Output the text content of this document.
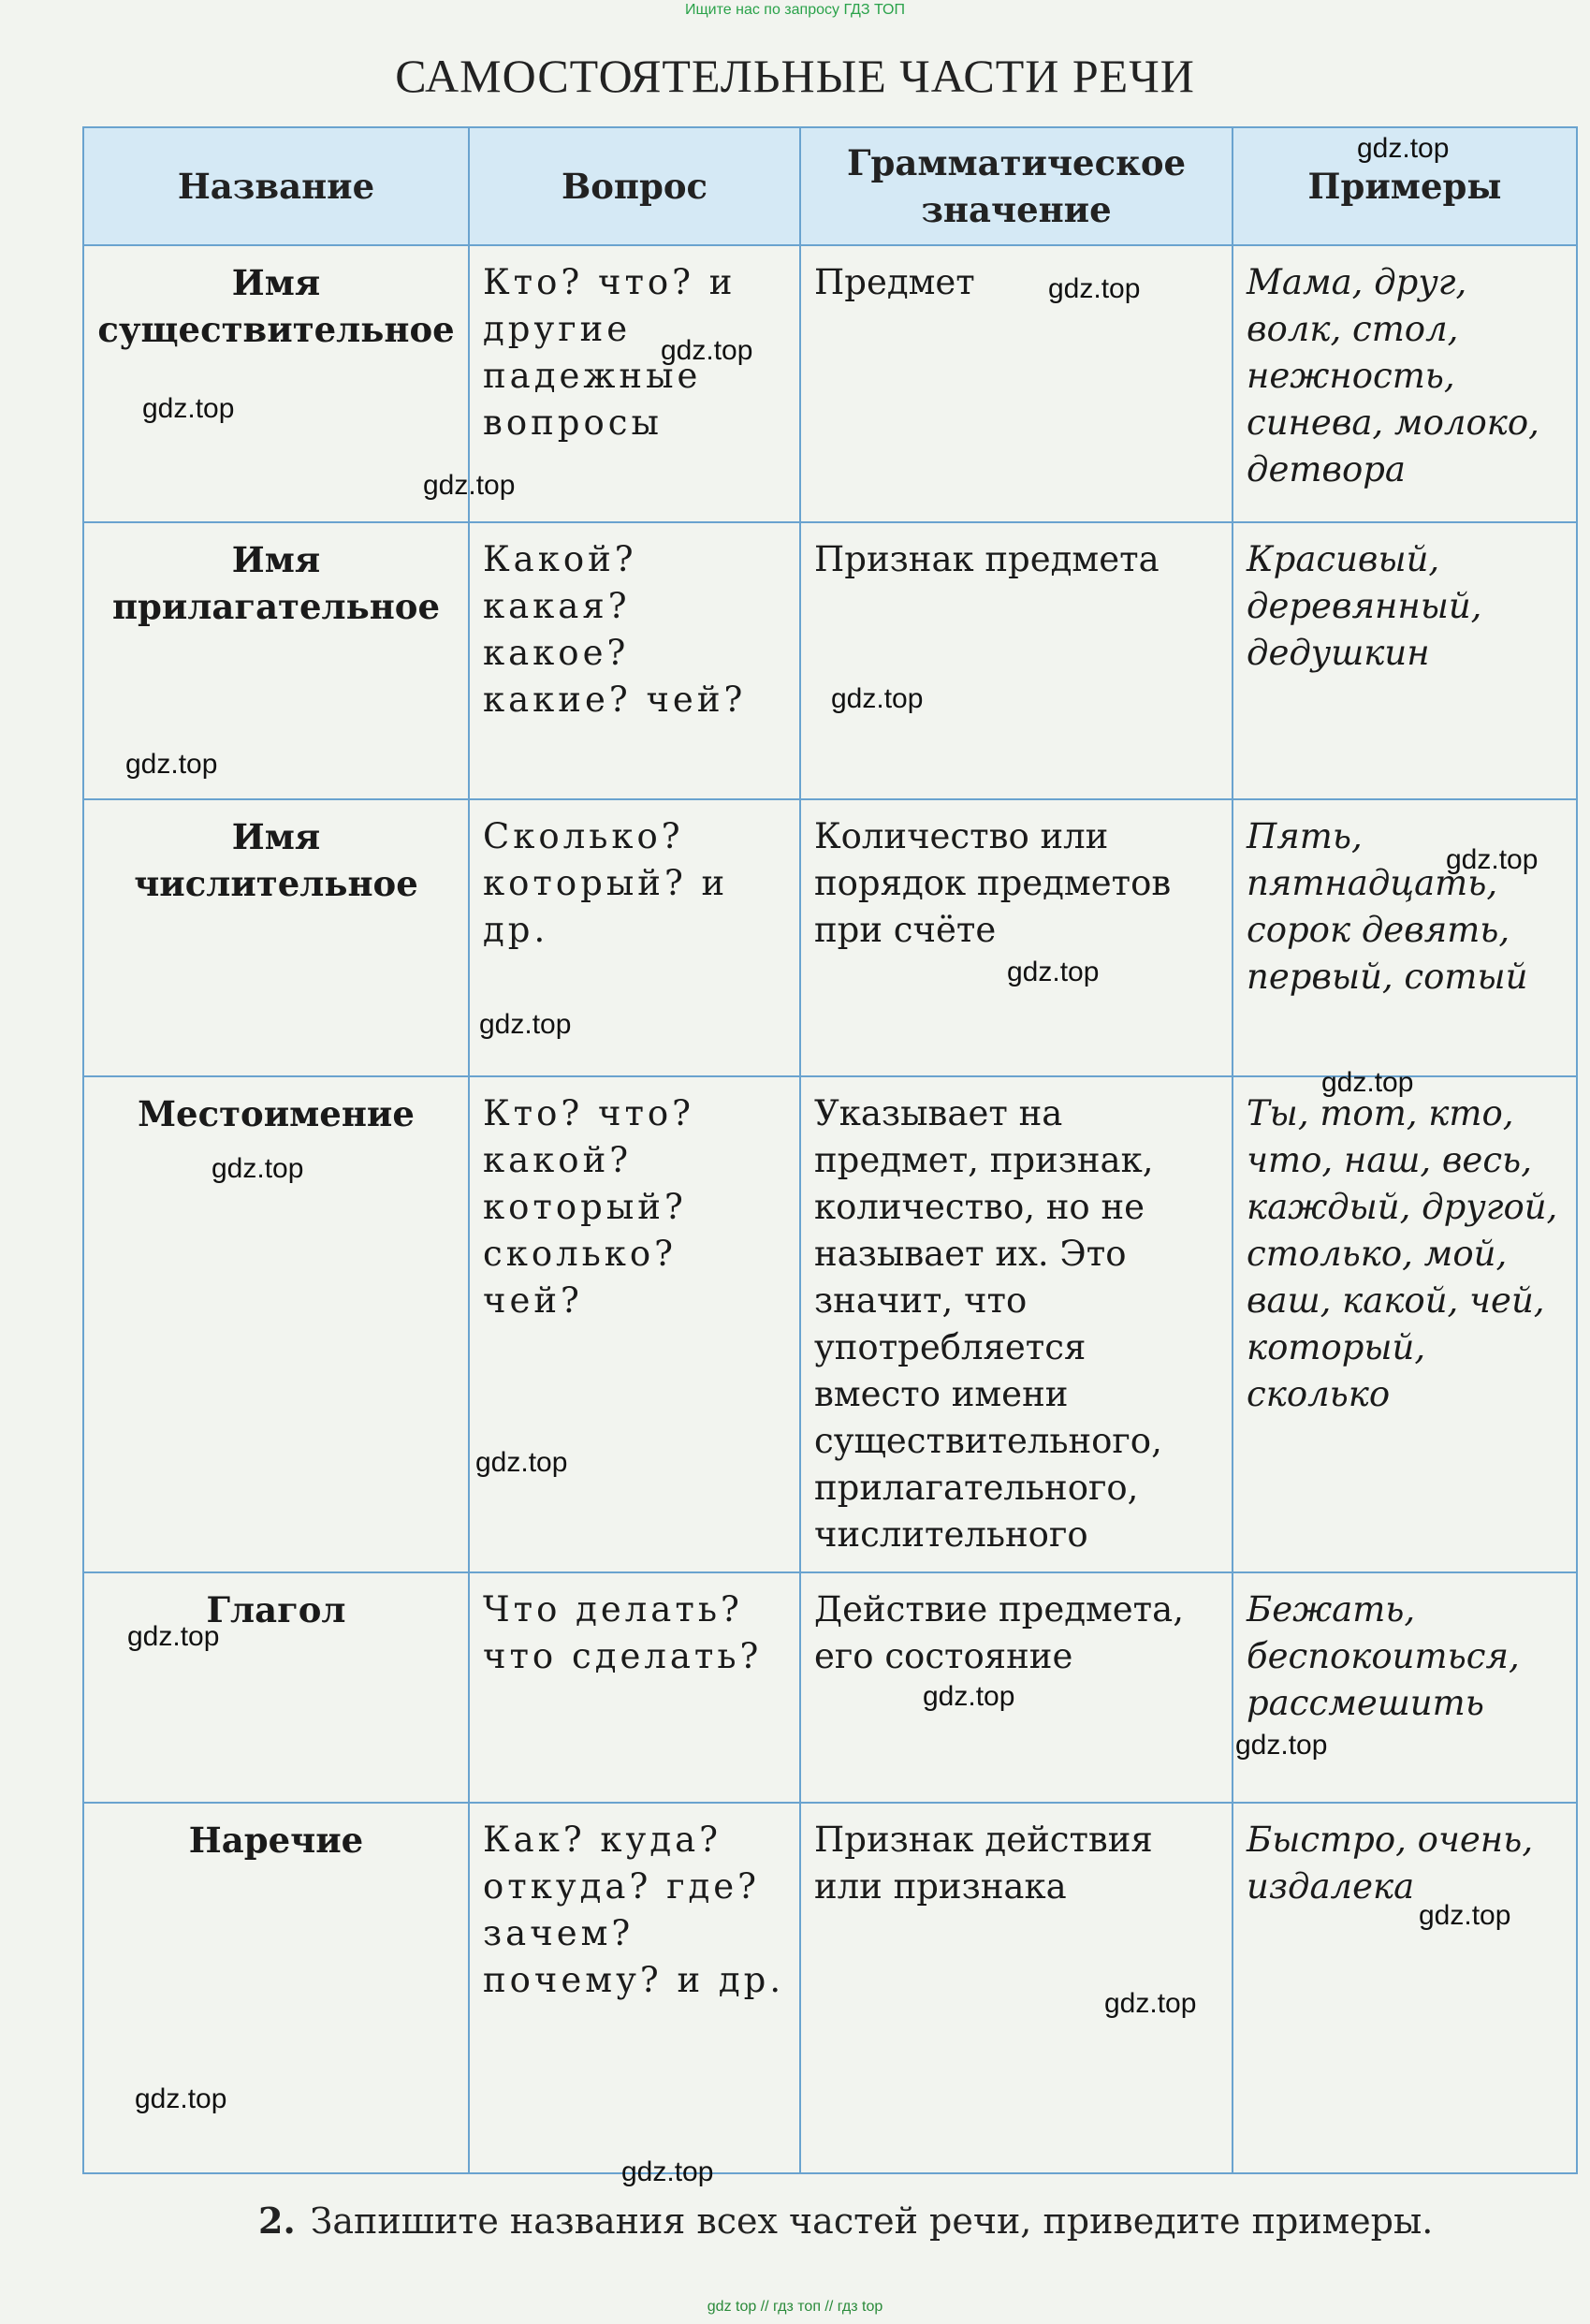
Ищите нас по запросу ГДЗ ТОП
САМОСТОЯТЕЛЬНЫЕ ЧАСТИ РЕЧИ
Название	Вопрос	Грамматическое значение	Примеры
Имя существительное	Кто? что? и другие падежные вопросы	Предмет	Мама, друг, волк, стол, нежность, синева, молоко, детвора
Имя прилагательное	Какой? какая? какое? какие? чей?	Признак предмета	Красивый, деревянный, дедушкин
Имя числительное	Сколько? который? и др.	Количество или порядок предметов при счёте	Пять, пятнадцать, сорок девять, первый, сотый
Местоимение	Кто? что? какой? который? сколько? чей?	Указывает на предмет, признак, количество, но не называет их. Это значит, что употребляется вместо имени существительного, прилагательного, числительного	Ты, тот, кто, что, наш, весь, каждый, другой, столько, мой, ваш, какой, чей, который, сколько
Глагол	Что делать? что сделать?	Действие предмета, его состояние	Бежать, беспокоиться, рассмешить
Наречие	Как? куда? откуда? где? зачем? почему? и др.	Признак действия или признака	Быстро, очень, издалека
2. Запишите названия всех частей речи, приведите примеры.
gdz.top
gdz.top
gdz.top
gdz.top
gdz.top
gdz.top
gdz.top
gdz.top
gdz.top
gdz.top
gdz.top
gdz.top
gdz.top
gdz.top
gdz.top
gdz.top
gdz.top
gdz.top
gdz.top
gdz.top
gdz top // гдз топ // гдз top
